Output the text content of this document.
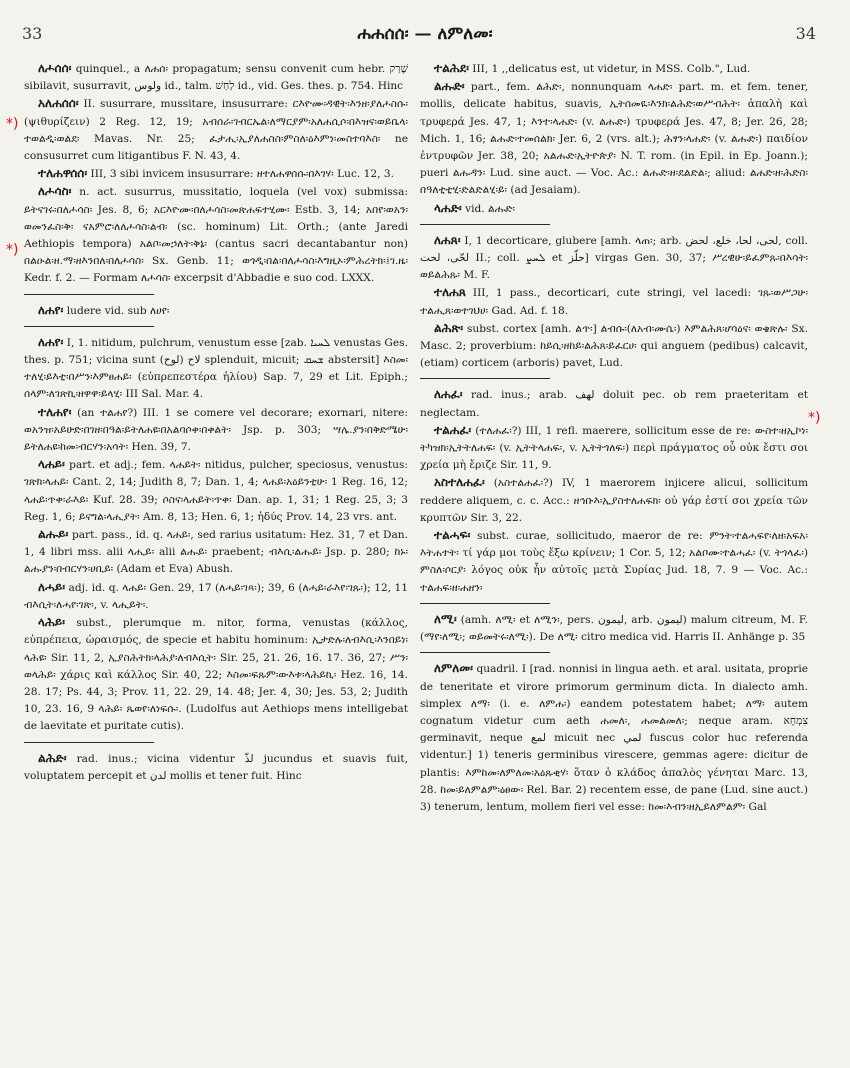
33	ሐሐሰሰ፡ — ለምለመ፡	34
*)
*)
*)

ለሖሰሰ፡ quinquel., a ለሐሰ፡ propagatum; sensu convenit cum hebr. שָׁרַק sibilavit, susurravit, ولوس id., talm. לַחַשׁ id., vid. Ges. thes. p. 754. Hinc

አለሐሰሰ፡ II. susurrare, mussitare, insusurrare: ርእዮሙ፡ዳዊት፡እንዘ፡ያለሖስሱ፡ (ψιθυρίζειν) 2 Reg. 12, 19; አብሰራ፡ገብርኤል፡ለማርያም፡አለሐሲሶ፡በእዝና፡ወይቤላ፡ተወልዲ፡ወልደ፡ Mavas. Nr. 25; ፈታሒ፡ኢያለሐስስ፡ምስለ፡ዕእምነ፡መስተባእስ፡ ne consusurret cum litigantibus F. N. 43, 4.

ተለሐዋሰሰ፡ III, 3 sibi invicem insusurrare: ዘተለሐዋሰሱ፡በእገሃ፡ Luc. 12, 3.

ለሖሳስ፡ n. act. susurrus, mussitatio, loquela (vel vox) submissa: ይትናገሩ፡በለሖሳስ፡ Jes. 8, 6; አርእዮሙ፡በለሖሳስ፡መጽሐፍተሂሙ፡ Estb. 3, 14; አበየ፡ወአን፡ወመንፈስ፡ቅ፡ ናአምሮ፡ለለሖሳስ፡ልብ፡ (sc. hominum) Lit. Orth.; (ante Jaredi Aethiopis tempora) አልቦ፡መኃለት፡ቅኔ፡ (cantus sacri decantabantur non) በልዑል፡ዘ.ማ፡ዘእንበለ፡በለሖሳስ፡ Sx. Genb. 11; ወጎዲ፡በል፡በለሖሳስ፡እግዚኦ፡ምሕረትክ፡፤ገ.ዜ፡ Kedr. f. 2. — Formam ለሖሳስ፡ excerpsit d'Abbadie e suo cod. LXXX.

ለሐየ፡ ludere vid. sub ለሀየ፡

ለሐየ፡ I, 1. nitidum, pulchrum, venustum esse [zab. ܠܚܝܐ venustas Ges. thes. p. 751; vicina sunt لاح (لوح) splenduit, micuit; ܫܚܩ abstersit] እስመ፡ተለሂ፡ይእቲ፡በሥን፡እምፀሐይ፡ (εὐπρεπεστέρα ἡλίου) Sap. 7, 29 et Lit. Epiph.; ሰላም፡ለገጽኪ፡ዘዋዋ፡ይላሂ፡ III Sal. Mar. 4.

ተለሐየ፡ (an ተልሐየ?) III. 1 se comere vel decorare; exornari, nitere: ወአንዝ፡አይሁድ፡በገዘ፡በዓል፡ይትለሐዩ፡በአልባሶቀ፡በቀልት፡ Jsp. p. 303; ሣሌ.ያን፡በቅድሜሁ፡ይትለሐዩ፡ከመ፡ብርሃን፡አሳት፡ Hen. 39, 7.

ላሐይ፡ part. et adj.; fem. ላሐይት፡ nitidus, pulcher, speciosus, venustus: ገጽክ፡ላሐይ፡ Cant. 2, 14; Judith 8, 7; Dan. 1, 4; ላሐይ፡አዕይንቲሁ፡ 1 Reg. 16, 12; ላሐይ፡ጥቀ፡ራእይ፡ Kuf. 28. 39; ሶስና፡ላሐይት፡ጥቀ፡ Dan. ap. 1, 31; 1 Reg. 25, 3; 3 Reg. 1, 6; ይናግል፡ላሒያት፡ Am. 8, 13; Hen. 6, 1; ἡδύς Prov. 14, 23 vrs. ant.

ልሑይ፡ part. pass., id. q. ላሐይ፡, sed rarius usitatum: Hez. 31, 7 et Dan. 1, 4 libri mss. alii ላሒይ፡ alii ልሑይ፡ praebent; ብእሲ፡ልሑይ፡ Jsp. p. 280; ከኑ፡ልሑያን፡በብርሃን፡ሀቢይ፡ (Adam et Eva) Abush.

ለሓይ፡ adj. id. q. ላሐይ፡ Gen. 29, 17 (ለሓይ፡ገጻ፡); 39, 6 (ለሓይ፡ራእየ፡ገጹ፡); 12, 11 ብእሲት፡ለሓየ፡ገጽ፡, v. ላሒይት፡.

ላሕይ፡ subst., plerumque m. nitor, forma, venustas (κάλλος, εὐπρέπεια, ὡραισμός, de specie et habitu hominum: ኢታድሉ፡ለብእሲ፡እንበይነ፡ላሕዩ፡ Sir. 11, 2, ኢያስሕትክ፡ላሕያ፡ለብእሲት፡ Sir. 25, 21. 26, 16. 17. 36, 27; ሥን፡ወላሕይ፡ χάρις καὶ κάλλος Sir. 40, 22; እስመ፡ፍጹም፡ውእቱ፡ላሕይኪ፡ Hez. 16, 14. 28. 17; Ps. 44, 3; Prov. 11, 22. 29, 14. 48; Jer. 4, 30; Jes. 53, 2; Judith 10, 23. 16, 9 ላሕይ፡ ጼወየ፡ለነፍሱ፡. (Ludolfus aut Aethiops mens intelligebat de laevitate et puritate cutis).

ልሕድ፡ rad. inus.; vicina videntur لذّ jucundus et suavis fuit, voluptatem percepit et لدن mollis et tener fuit. Hinc

ተልሕደ፡ III, 1 ,,delicatus est, ut videtur, in MSS. Colb.", Lud.

ልሑድ፡ part., fem. ልሕድ፡, nonnunquam ላሐድ፡ part. m. et fem. tener, mollis, delicate habitus, suavis, ኢትሰመዪ፡እንክ፡ልሕድ፡ወሥብሕት፡ ἁπαλὴ καὶ τρυφερά Jes. 47, 1; እንተ፡ላሐድ፡ (v. ልሑድ፡) τρυφερά Jes. 47, 8; Jer. 26, 28; Mich. 1, 16; ልሑድ፡ተመሰልክ፡ Jer. 6, 2 (vrs. alt.); ሕፃን፡ላሐድ፡ (v. ልሑድ፡) παιδίον ἐντρυφῶν Jer. 38, 20; አልሑድ፡ኢትዮጵያ፡ N. T. rom. (in Epil. in Ep. Joann.); pueri ልሑዳን፡ Lud. sine auct. — Voc. Ac.: ልሑድ፡ዘ፡ደልድል፡; aliud: ልሐድ፡ዘ፡ሕድስ፡በዓለቲቲሂ፡ድልድልሂ፡ይ፡ (ad Jesaiam).

ላሐድ፡ vid. ልሑድ፡

ለሐጸ፡ I, 1 decorticare, glubere [amh. ላጠ፡; arb. لحى، لحا، خلع، لحض, coll. لحّى، لحت II.; coll. ܠܚܨ et حلّز] virgas Gen. 30, 37; ሥረዊሁ፡ይፈምጹ፡በእሳት፡ወይልሕጹ፡ M. F.

ተለሐጸ III, 1 pass., decorticari, cute stringi, vel lacedi: ገጹ፡ወሥጋሁ፡ተልሒጸ፡ወተገህሀ፡ Gad. Ad. f. 18.

ልሕጽ፡ subst. cortex [amh. ልጥ፡] ልብሱ፡(ለአብ፡ሙሴ፡) እምልሕጸ፡ሆሳዕና፡ ወቄጽሉ፡ Sx. Masc. 2; proverbium: ከይሲ፡ዘከይ፡ልሕጸ፡ይፈርሀ፡ qui anguem (pedibus) calcavit, (etiam) corticem (arboris) pavet, Lud.

ለሐፈ፡ rad. inus.; arab. لهف doluit pec. ob rem praeteritam et neglectam.

ተልሐፈ፡ (ተለሐፈ፡?) III, 1 refl. maerere, sollicitum esse de re: ውስተ፡ዘኢኮነ፡ትካዝክ፡ኢትትለሐፍ፡ (v. ኢትትላሐፍ፡, v. ኢትትጎለፍ፡) περὶ πράγματος οὗ οὐκ ἔστι σοι χρεία μὴ ἔριζε Sir. 11, 9.

አስተለሐፈ፡ (አስተልሐፈ፡?) IV, 1 maerorem injicere alicui, sollicitum reddere aliquem, c. c. Acc.: ዘኅቡእ፡ኢያስተለሐፍክ፡ οὐ γάρ ἐστί σοι χρεία τῶν κρυπτῶν Sir. 3, 22.

ተልሓፍ፡ subst. curae, sollicitudo, maeror de re: ምንት፡ተልሓፍየ፡ለዘ፡አፍአ፡እትሐተት፡ τί γάρ μοι τοὺς ἔξω κρίνειν; 1 Cor. 5, 12; አልቦሙ፡ተልሓፈ፡ (v. ትጎላፈ፡) ምስለ፡ሶርያ፡ λόγος οὐκ ἦν αὐτοῖς μετὰ Συρίας Jud. 18, 7. 9 — Voc. Ac.: ተልሐፍ፡ዘ፡ሐዘን፡

ለሚ፡ (amh. ለሚ፡ et ለሚን፡, pers. ليمون, arb. ليمون) malum citreum, M. F. (ማየ፡ለሚ፡; ወይመትሩ፡ለሚ፡). De ለሚ፡ citro medica vid. Harris II. Anhänge p. 35

ለምለመ፡ quadril. I [rad. nonnisi in lingua aeth. et aral. usitata, proprie de teneritate et virore primorum germinum dicta. In dialecto amh. simplex ለማ፡ (i. e. ለምሐ፡) eandem potestatem habet; ለማ፡ autem cognatum videtur cum aeth ሐመለ፡, ሐመልመለ፡; neque aram. צִמְחָא germinavit, neque لمع micuit nec لمي fuscus color huc referenda videntur.] 1) teneris germinibus virescere, gemmas agere: dicitur de plantis: እምከመ፡ለምለመ፡አዕጹቂሃ፡ ὅταν ὁ κλάδος ἁπαλὸς γένηται Marc. 13, 28. ከመ፡ይለምልም፡ዕፀው፡ Rel. Bar. 2) recentem esse, de pane (Lud. sine auct.) 3) tenerum, lentum, mollem fieri vel esse: ከመ፡እብን፡ዘኢይለምልም፡ Gal
